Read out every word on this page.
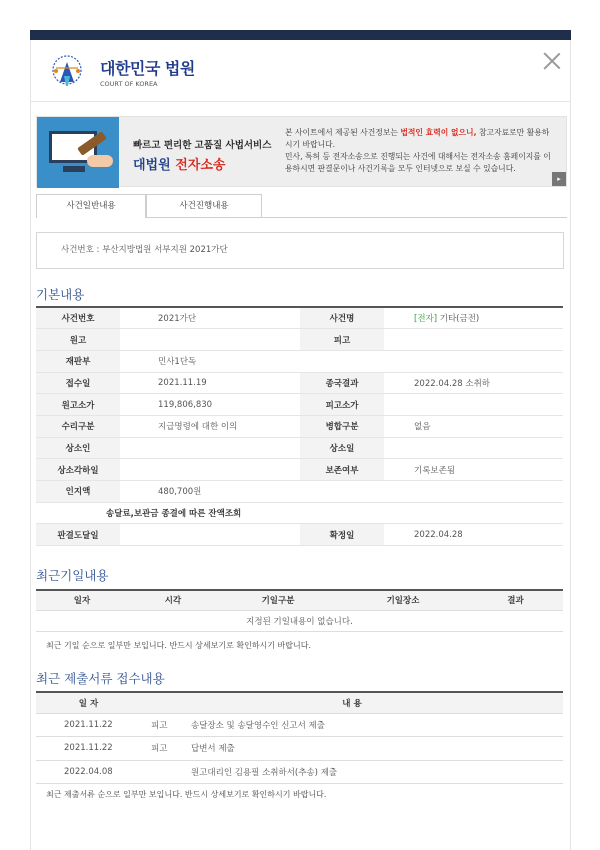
대한민국 법원
COURT OF KOREA
빠르고 편리한 고품질 사법서비스
대법원 전자소송
본 사이트에서 제공된 사건정보는 법적인 효력이 없으니, 참고자료로만 활용하시기 바랍니다.
민사, 특허 등 전자소송으로 진행되는 사건에 대해서는 전자소송 홈페이지를 이용하시면 판결문이나 사건기록을 모두 인터넷으로 보실 수 있습니다.
▸
사건일반내용	사건진행내용
사건번호 : 부산지방법원 서부지원 2021가단
기본내용
사건번호	2021가단	사건명	[전자] 기타(금전)
원고		피고	
재판부	민사1단독		
접수일	2021.11.19	종국결과	2022.04.28 소취하
원고소가	119,806,830	피고소가	
수리구분	지급명령에 대한 이의	병합구분	없음
상소인		상소일	
상소각하일		보존여부	기록보존됨
인지액	480,700원		
송달료,보관금 종결에 따른 잔액조회			
판결도달일		확정일	2022.04.28
최근기일내용
일자	시각	기일구분	기일장소	결과
지정된 기일내용이 없습니다.
최근 기일 순으로 일부만 보입니다. 반드시 상세보기로 확인하시기 바랍니다.
최근 제출서류 접수내용
일 자	내 용	
2021.11.22	피고	송달장소 및 송달영수인 신고서 제출
2021.11.22	피고	답변서 제출
2022.04.08		원고대리인 김용필 소취하서(추송) 제출
최근 제출서류 순으로 일부만 보입니다. 반드시 상세보기로 확인하시기 바랍니다.
